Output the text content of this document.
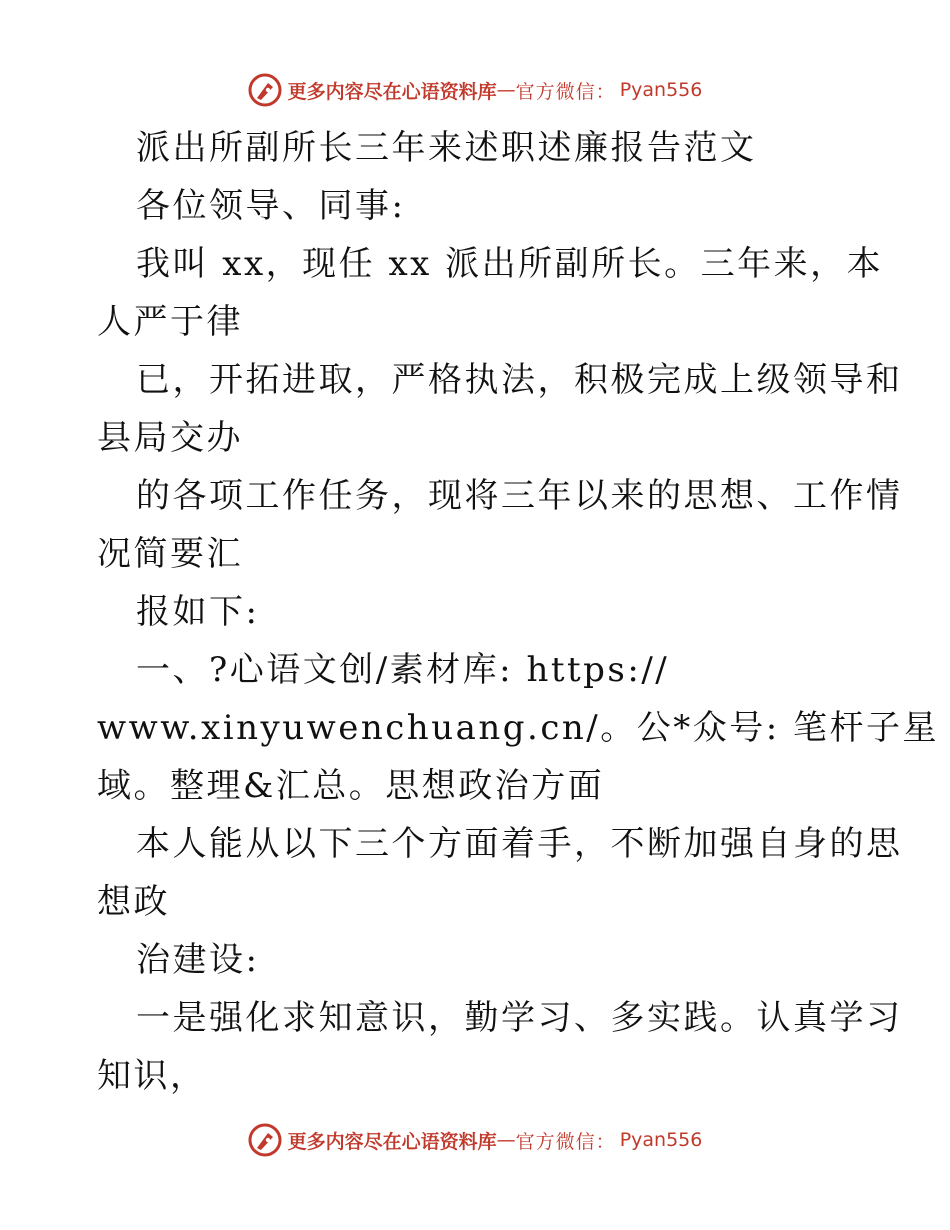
更多内容尽在心语资料库 — 官方微信： Pyan556
派出所副所长三年来述职述廉报告范文
各位领导、同事:
我叫 xx，现任 xx 派出所副所长。三年来，本
人严于律
已，开拓进取，严格执法，积极完成上级领导和
县局交办
的各项工作任务，现将三年以来的思想、工作情
况简要汇
报如下:
一、?心语文创/素材库: https://
www.xinyuwenchuang.cn/。公*众号: 笔杆子星
域。整理&汇总。思想政治方面
本人能从以下三个方面着手，不断加强自身的思
想政
治建设:
一是强化求知意识，勤学习、多实践。认真学习
知识，
更多内容尽在心语资料库 — 官方微信： Pyan556
